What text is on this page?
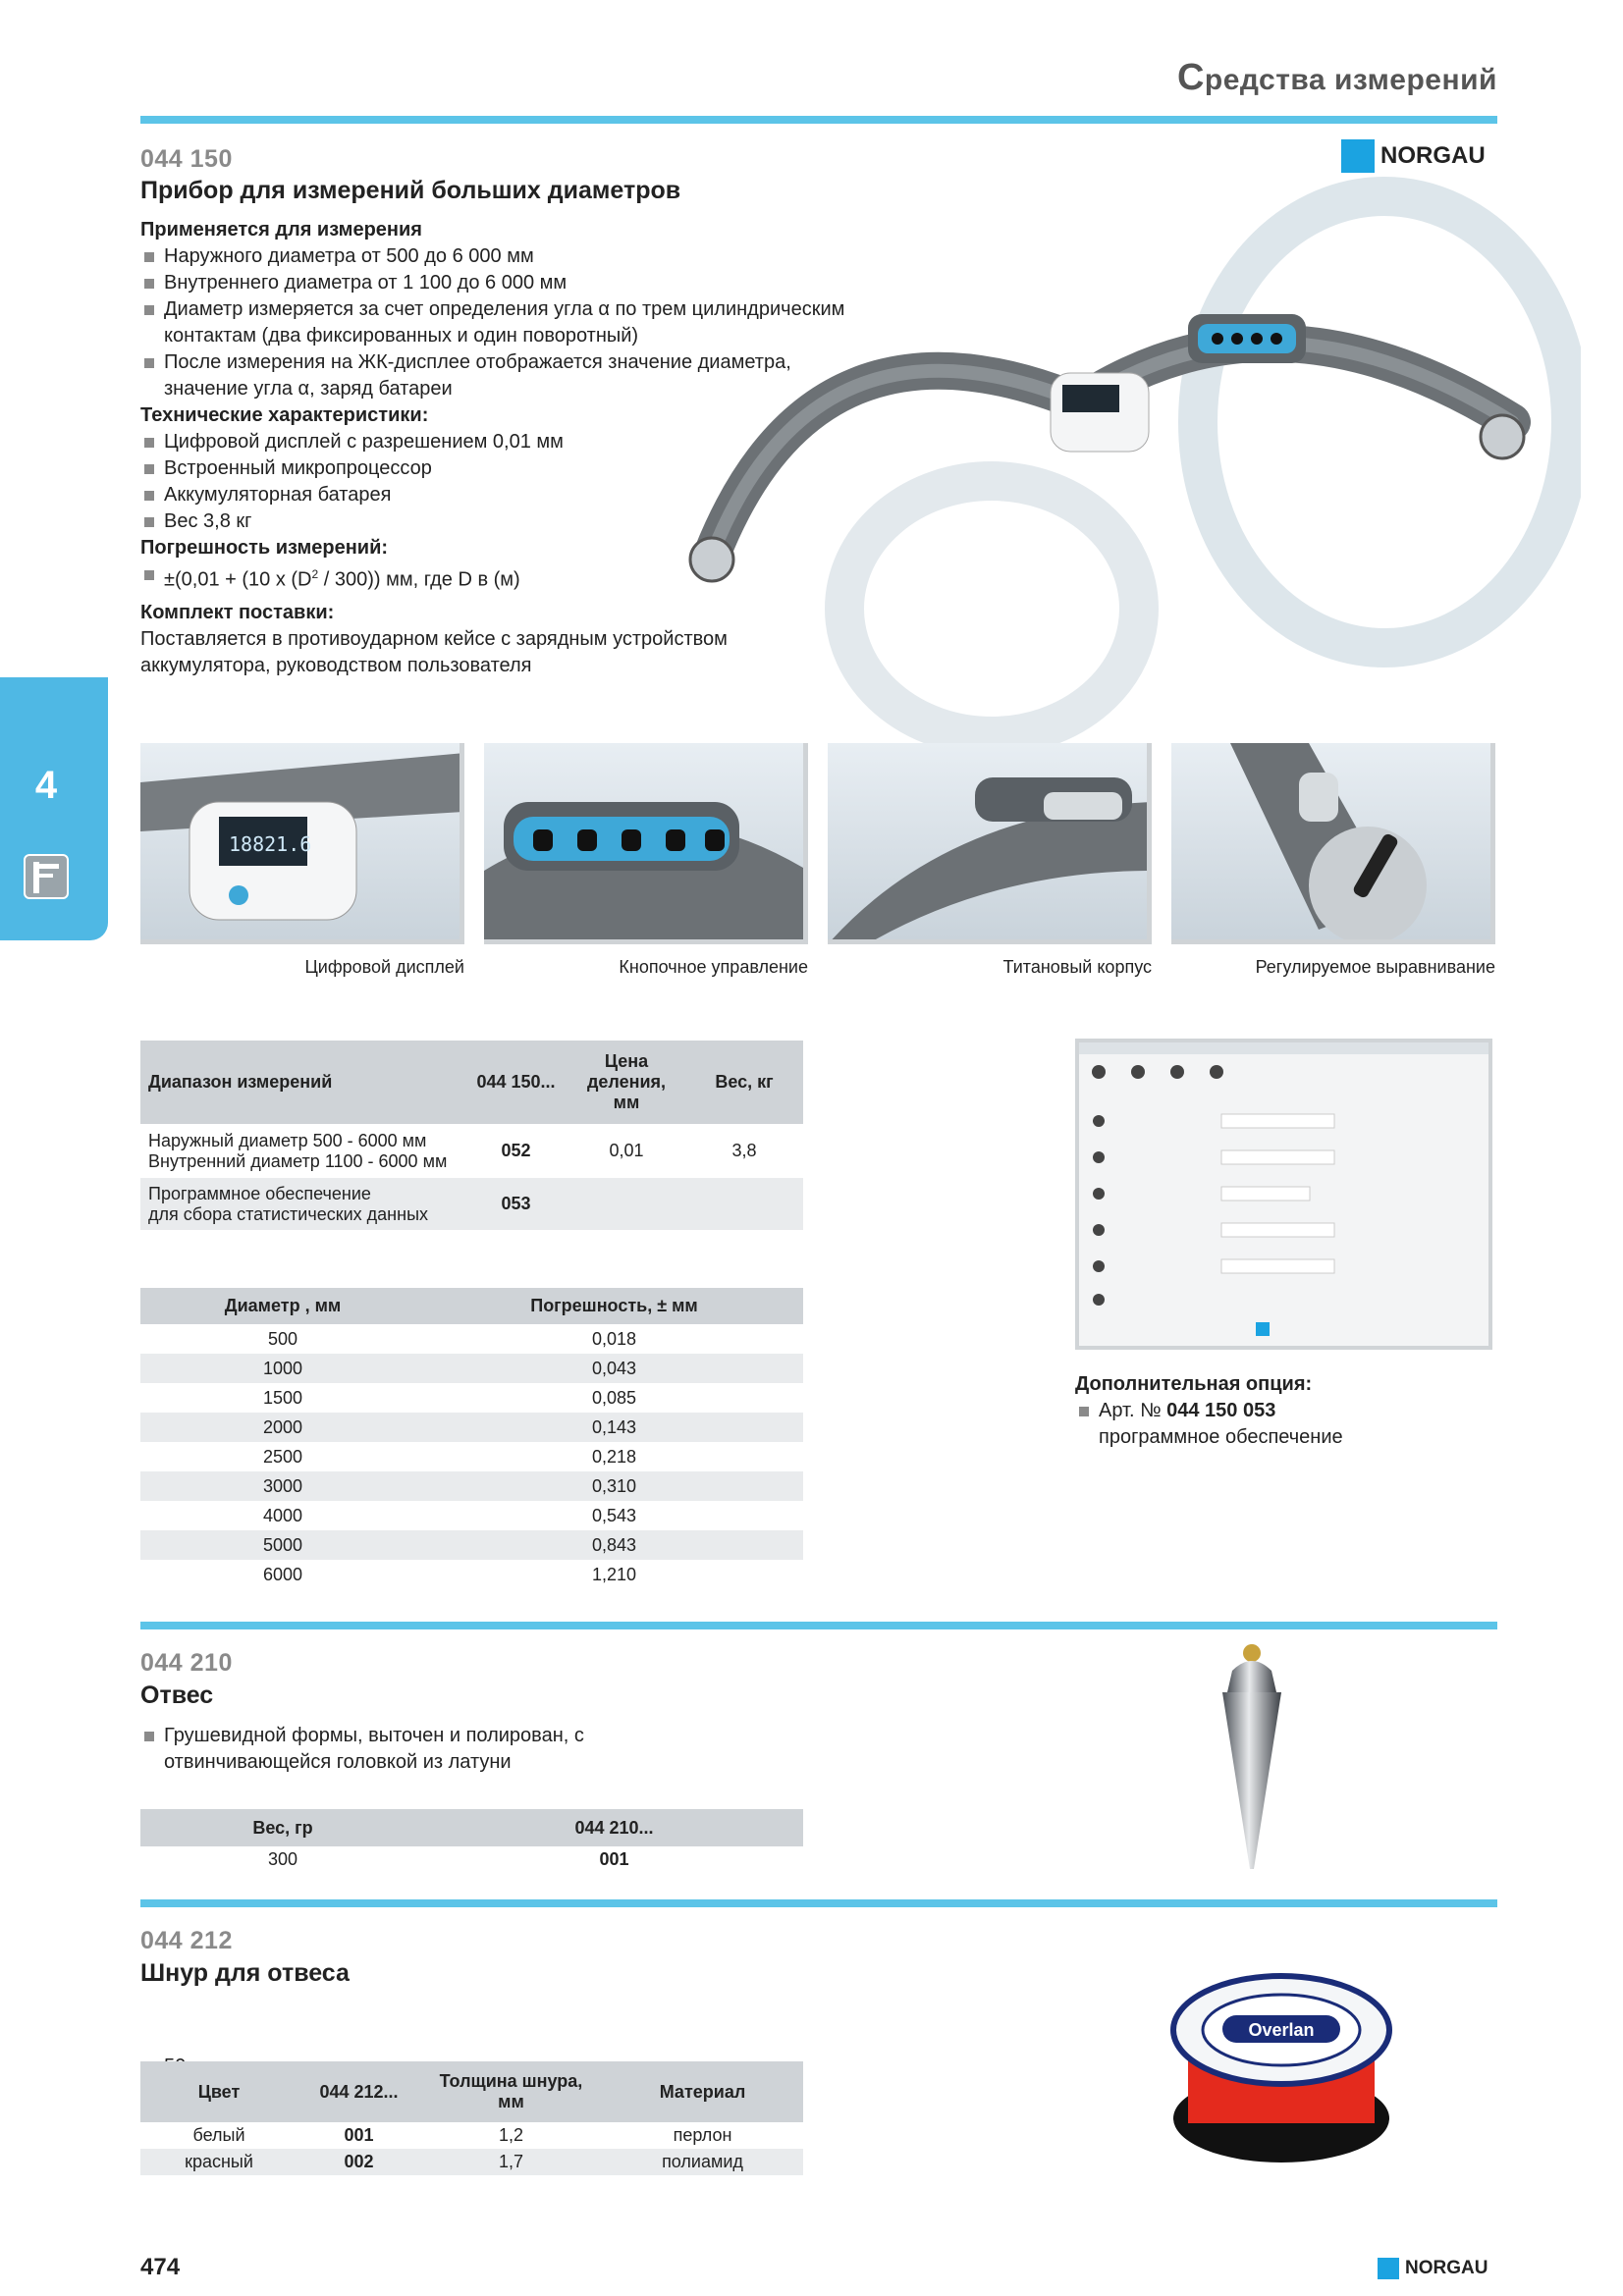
Средства измерений
NORGAU
4
044 150
Прибор для измерений больших диаметров
Применяется для измерения
Наружного диаметра от 500 до 6 000 мм
Внутреннего диаметра от 1 100 до 6 000 мм
Диаметр измеряется за счет определения угла α по трем цилиндрическим контактам (два фиксированных и один поворотный)
После измерения на ЖК-дисплее отображается значение диаметра, значение угла α, заряд батареи
Технические характеристики:
Цифровой дисплей с разрешением 0,01 мм
Встроенный микропроцессор
Аккумуляторная батарея
Вес 3,8 кг
Погрешность измерений:
±(0,01 + (10 x $(D^2 / 300)$) мм, где D в (м)
Комплект поставки:
Поставляется в противоударном кейсе с зарядным устройством аккумулятора, руководством пользователя
18821.6
Цифровой дисплей	Кнопочное управление	Титановый корпус	Регулируемое выравнивание
Диапазон измерений	044 150...	Цена деления, мм	Вес, кг
Наружный диаметр 500 - 6000 мм
Внутренний диаметр 1100 - 6000 мм	052	0,01	3,8
Программное обеспечение
для сбора статистических данных	053		
Диаметр , мм	Погрешность, ± мм
500	0,018
1000	0,043
1500	0,085
2000	0,143
2500	0,218
3000	0,310
4000	0,543
5000	0,843
6000	1,210
Дополнительная опция:
Арт. № 044 150 053
программное обеспечение
044 210
Отвес
Грушевидной формы, выточен и полирован, с отвинчивающейся головкой из латуни
Вес, гр	044 210...
300	001
044 212
Шнур для отвеса
Цвет	044 212...	Толщина шнура, мм	Материал
белый	001	1,2	перлон
красный	002	1,7	полиамид
Overlan
474	NORGAU
